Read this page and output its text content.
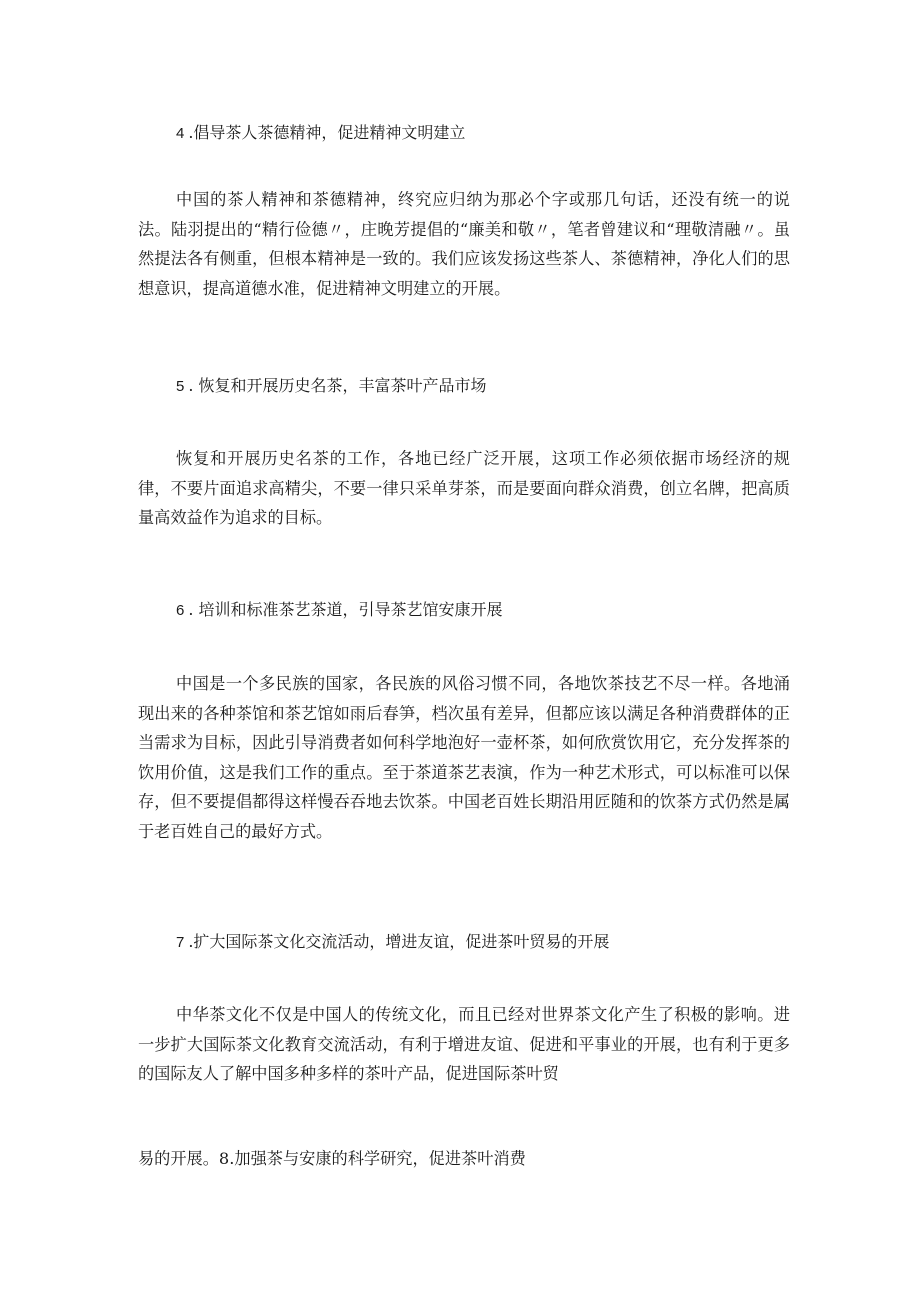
4 .倡导茶人茶德精神，促进精神文明建立

中国的茶人精神和茶德精神，终究应归纳为那必个字或那几句话，还没有统一的说法。陆羽提出的“精行俭德〃，庄晚芳提倡的“廉美和敬〃，笔者曾建议和“理敬清融〃。虽然提法各有侧重，但根本精神是一致的。我们应该发扬这些茶人、茶德精神，净化人们的思想意识，提高道德水准，促进精神文明建立的开展。

5 . 恢复和开展历史名茶，丰富茶叶产品市场

恢复和开展历史名茶的工作，各地已经广泛开展，这项工作必须依据市场经济的规律，不要片面追求高精尖，不要一律只采单芽茶，而是要面向群众消费，创立名牌，把高质量高效益作为追求的目标。

6 . 培训和标准茶艺茶道，引导茶艺馆安康开展

中国是一个多民族的国家，各民族的风俗习惯不同，各地饮茶技艺不尽一样。各地涌现出来的各种茶馆和茶艺馆如雨后春笋，档次虽有差异，但都应该以满足各种消费群体的正当需求为目标，因此引导消费者如何科学地泡好一壶杯茶，如何欣赏饮用它，充分发挥茶的饮用价值，这是我们工作的重点。至于茶道茶艺表演，作为一种艺术形式，可以标准可以保存，但不要提倡都得这样慢吞吞地去饮茶。中国老百姓长期沿用匠随和的饮茶方式仍然是属于老百姓自己的最好方式。

7 .扩大国际茶文化交流活动，增进友谊，促进茶叶贸易的开展

中华茶文化不仅是中国人的传统文化，而且已经对世界茶文化产生了积极的影响。进一步扩大国际茶文化教育交流活动，有利于增进友谊、促进和平事业的开展，也有利于更多的国际友人了解中国多种多样的茶叶产品，促进国际茶叶贸

易的开展。8.加强茶与安康的科学研究，促进茶叶消费
